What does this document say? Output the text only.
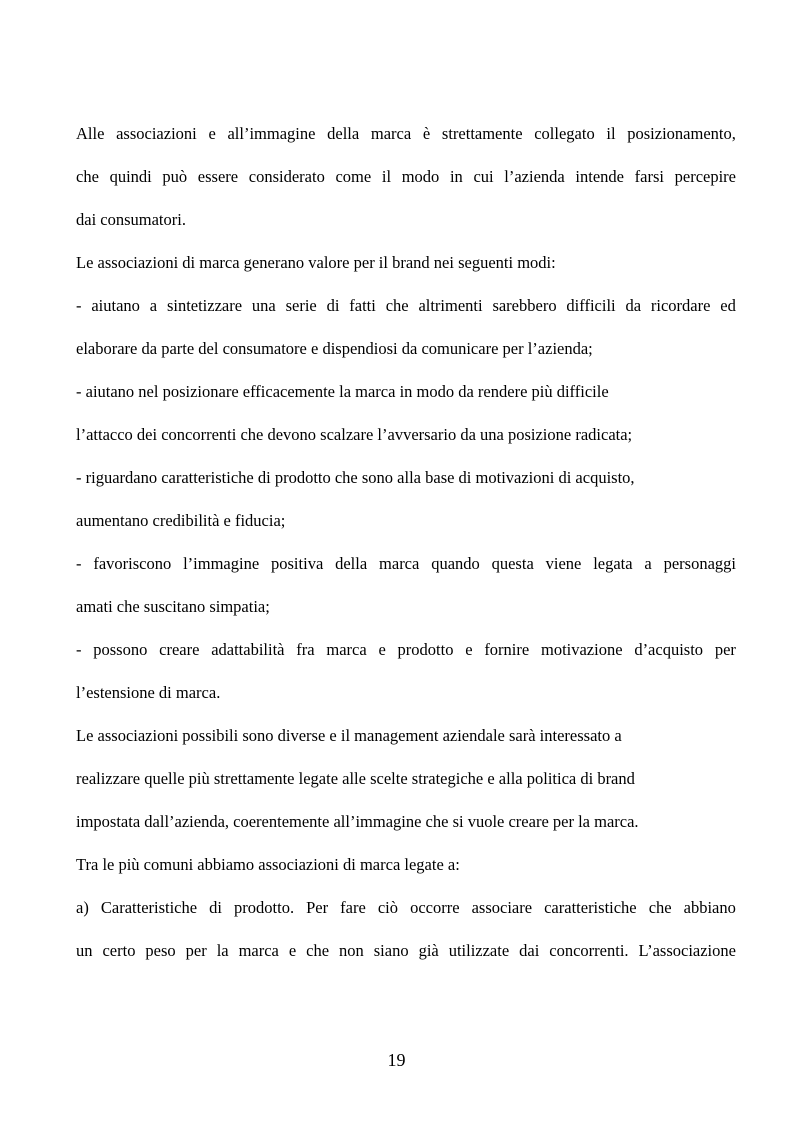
Alle associazioni e all’immagine della marca è strettamente collegato il posizionamento,
che quindi può essere considerato come il modo in cui l’azienda intende farsi percepire
dai consumatori.
Le associazioni di marca generano valore per il brand nei seguenti modi:
- aiutano a sintetizzare una serie di fatti che altrimenti sarebbero difficili da ricordare ed
elaborare da parte del consumatore e dispendiosi da comunicare per l’azienda;
- aiutano nel posizionare efficacemente la marca in modo da rendere più difficile
l’attacco dei concorrenti che devono scalzare l’avversario da una posizione radicata;
- riguardano caratteristiche di prodotto che sono alla base di motivazioni di acquisto,
aumentano credibilità e fiducia;
- favoriscono l’immagine positiva della marca quando questa viene legata a personaggi
amati che suscitano simpatia;
- possono creare adattabilità fra marca e prodotto e fornire motivazione d’acquisto per
l’estensione di marca.
Le associazioni possibili sono diverse e il management aziendale sarà interessato a
realizzare quelle più strettamente legate alle scelte strategiche e alla politica di brand
impostata dall’azienda, coerentemente all’immagine che si vuole creare per la marca.
Tra le più comuni abbiamo associazioni di marca legate a:
a) Caratteristiche di prodotto. Per fare ciò occorre associare caratteristiche che abbiano
un certo peso per la marca e che non siano già utilizzate dai concorrenti. L’associazione
19
